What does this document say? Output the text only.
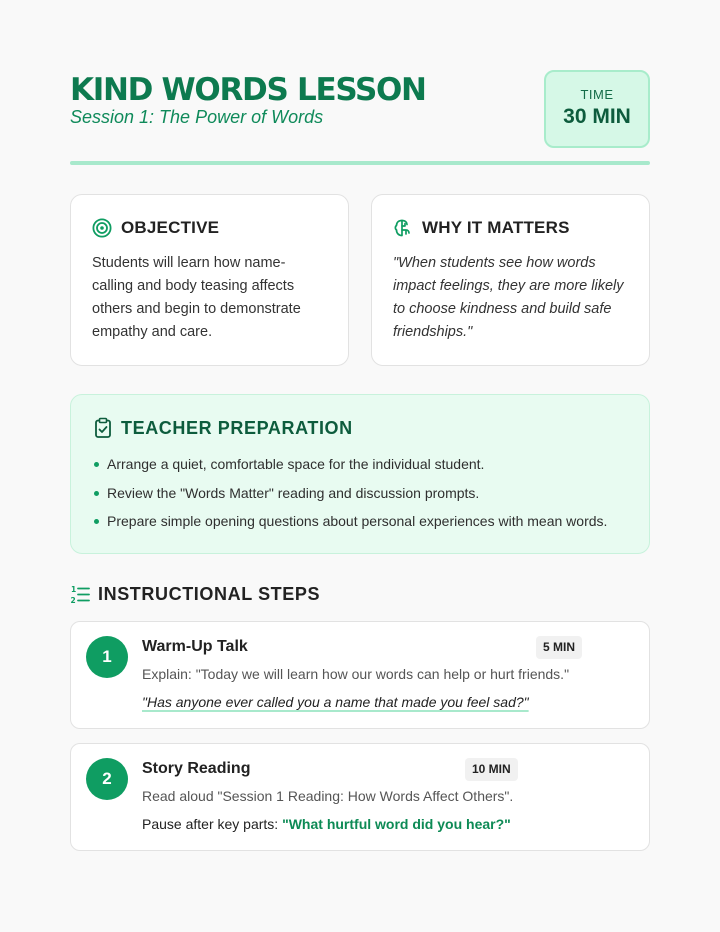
KIND WORDS LESSON
Session 1: The Power of Words
TIME
30 MIN
OBJECTIVE
Students will learn how name-calling and body teasing affects others and begin to demonstrate empathy and care.
WHY IT MATTERS
"When students see how words impact feelings, they are more likely to choose kindness and build safe friendships."
TEACHER PREPARATION
Arrange a quiet, comfortable space for the individual student.
Review the "Words Matter" reading and discussion prompts.
Prepare simple opening questions about personal experiences with mean words.
1
2 INSTRUCTIONAL STEPS
1
Warm-Up Talk	5 MIN
Explain: "Today we will learn how our words can help or hurt friends."
"Has anyone ever called you a name that made you feel sad?"
2
Story Reading	10 MIN
Read aloud "Session 1 Reading: How Words Affect Others".
Pause after key parts: "What hurtful word did you hear?"
